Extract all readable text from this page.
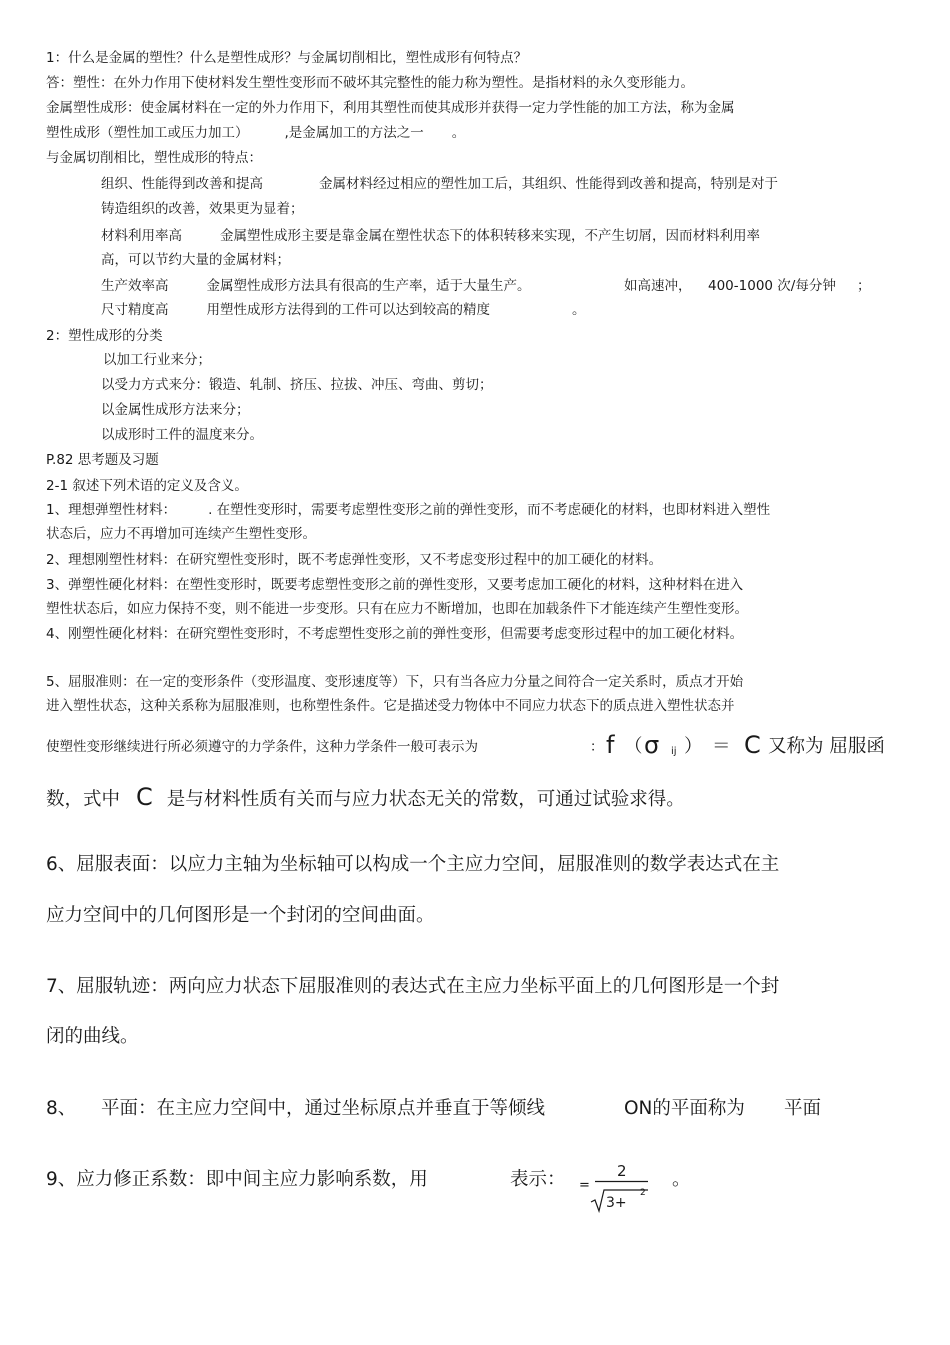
1：什么是金属的塑性？什么是塑性成形？与金属切削相比，塑性成形有何特点？
答：塑性：在外力作用下使材料发生塑性变形而不破坏其完整性的能力称为塑性。是指材料的永久变形能力。
金属塑性成形：使金属材料在一定的外力作用下，利用其塑性而使其成形并获得一定力学性能的加工方法，称为金属
塑性成形（塑性加工或压力加工）	,是金属加工的方法之一 。
与金属切削相比，塑性成形的特点：
组织、性能得到改善和提高	金属材料经过相应的塑性加工后，其组织、性能得到改善和提高，特别是对于
铸造组织的改善，效果更为显着；
材料利用率高	金属塑性成形主要是靠金属在塑性状态下的体积转移来实现，不产生切屑，因而材料利用率
高，可以节约大量的金属材料；
生产效率高	金属塑性成形方法具有很高的生产率，适于大量生产。	如高速冲， 400-1000 次/每分钟 ；
尺寸精度高	用塑性成形方法得到的工件可以达到较高的精度	。
2：塑性成形的分类
以加工行业来分；
以受力方式来分：锻造、轧制、挤压、拉拔、冲压、弯曲、剪切；
以金属性成形方法来分；
以成形时工件的温度来分。
P.82 思考题及习题
2-1 叙述下列术语的定义及含义。
1、理想弹塑性材料： . 在塑性变形时，需要考虑塑性变形之前的弹性变形，而不考虑硬化的材料，也即材料进入塑性
状态后，应力不再增加可连续产生塑性变形。
2、理想刚塑性材料：在研究塑性变形时，既不考虑弹性变形，又不考虑变形过程中的加工硬化的材料。
3、弹塑性硬化材料：在塑性变形时，既要考虑塑性变形之前的弹性变形，又要考虑加工硬化的材料，这种材料在进入
塑性状态后，如应力保持不变，则不能进一步变形。只有在应力不断增加，也即在加载条件下才能连续产生塑性变形。
4、刚塑性硬化材料：在研究塑性变形时，不考虑塑性变形之前的弹性变形，但需要考虑变形过程中的加工硬化材料。
5、屈服准则：在一定的变形条件（变形温度、变形速度等）下，只有当各应力分量之间符合一定关系时，质点才开始
进入塑性状态，这种关系称为屈服准则，也称塑性条件。它是描述受力物体中不同应力状态下的质点进入塑性状态并
使塑性变形继续进行所必须遵守的力学条件，这种力学条件一般可表示为	： f （ σ ij ） ＝ C 又称为 屈服函
数，式中 C 是与材料性质有关而与应力状态无关的常数，可通过试验求得。
6、屈服表面：以应力主轴为坐标轴可以构成一个主应力空间，屈服准则的数学表达式在主
应力空间中的几何图形是一个封闭的空间曲面。
7、屈服轨迹：两向应力状态下屈服准则的表达式在主应力坐标平面上的几何图形是一个封
闭的曲线。
8、 平面：在主应力空间中，通过坐标原点并垂直于等倾线	ON的平面称为 平面
9、应力修正系数：即中间主应力影响系数，用	表示： =
2
3+
2
。
